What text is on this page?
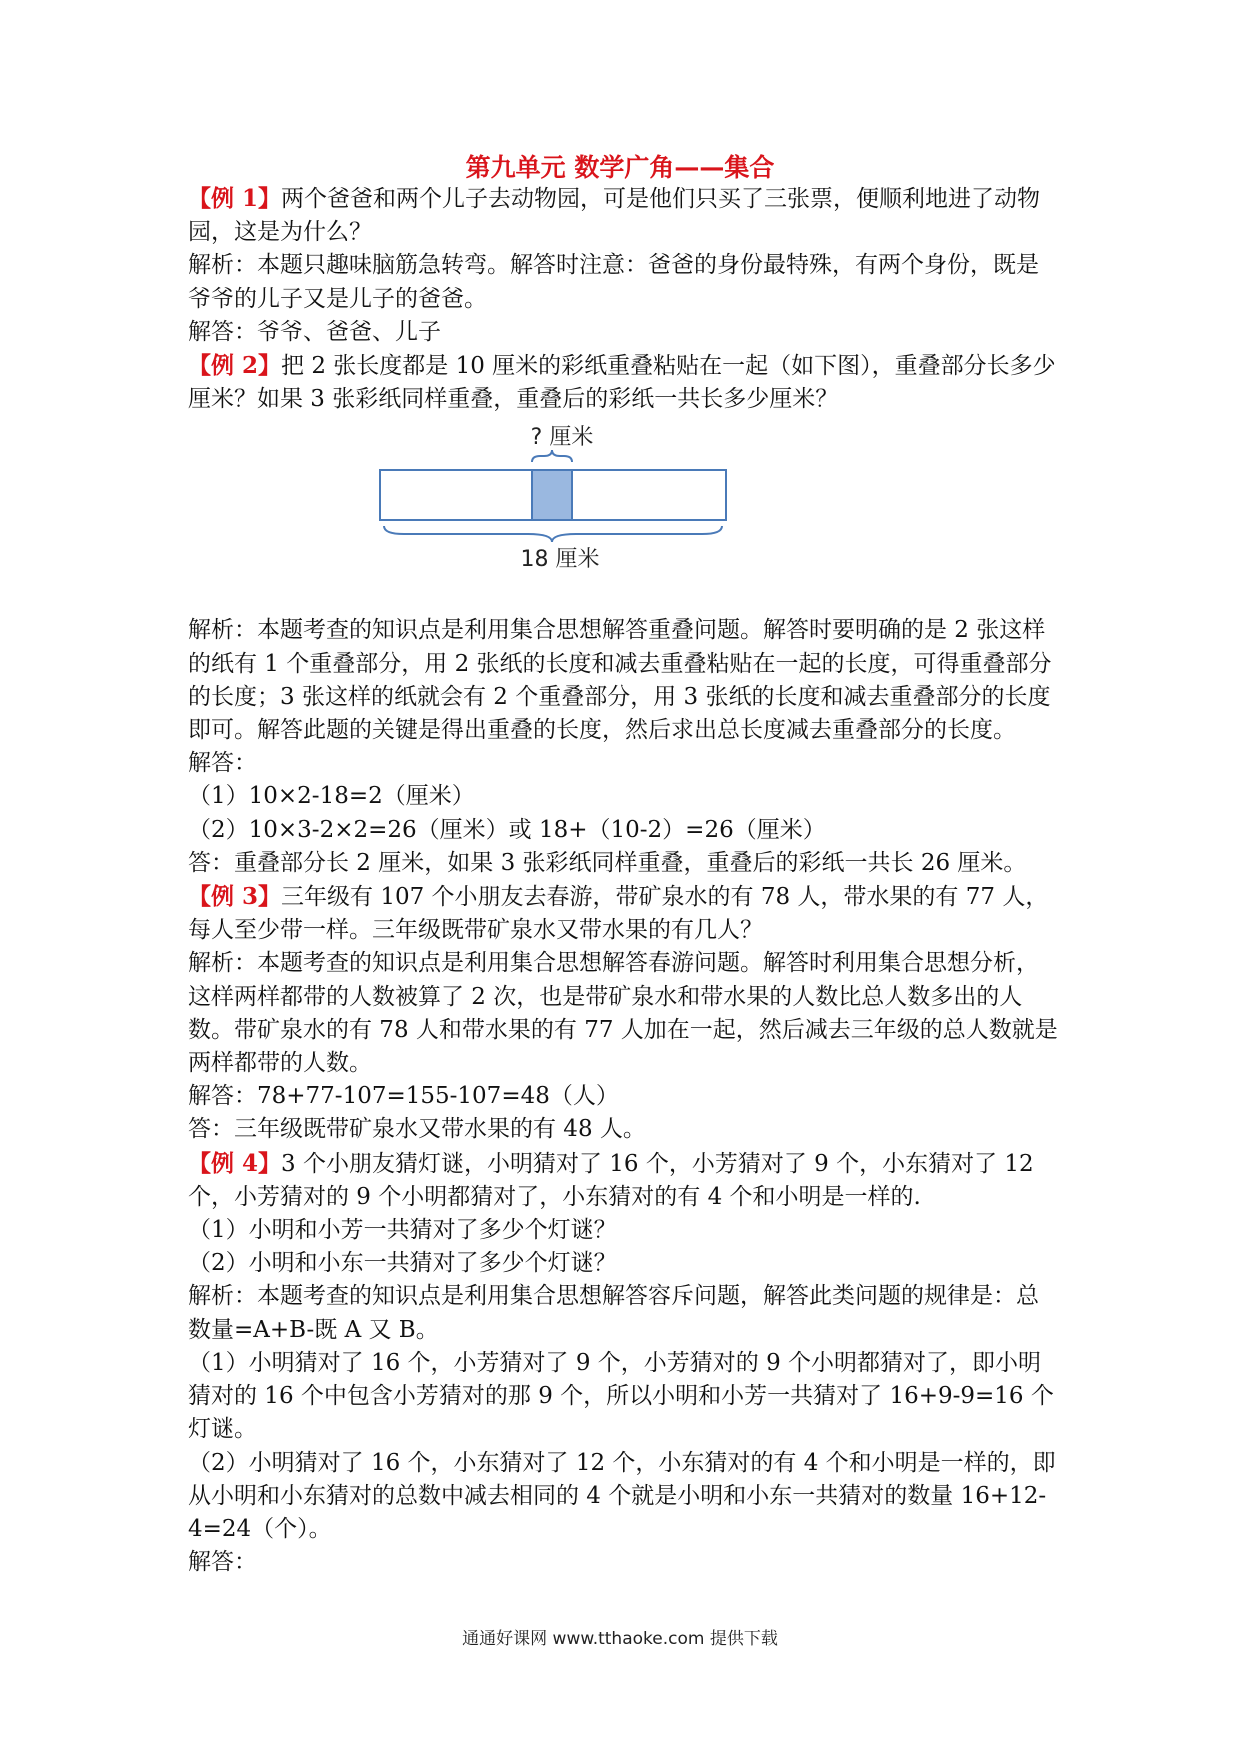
第九单元 数学广角——集合

【例 1】两个爸爸和两个儿子去动物园，可是他们只买了三张票，便顺利地进了动物园，这是为什么？

解析：本题只趣味脑筋急转弯。解答时注意：爸爸的身份最特殊，有两个身份，既是爷爷的儿子又是儿子的爸爸。

解答：爷爷、爸爸、儿子

【例 2】把 2 张长度都是 10 厘米的彩纸重叠粘贴在一起（如下图），重叠部分长多少厘米？如果 3 张彩纸同样重叠，重叠后的彩纸一共长多少厘米？

? 厘米
18 厘米

解析：本题考查的知识点是利用集合思想解答重叠问题。解答时要明确的是 2 张这样的纸有 1 个重叠部分，用 2 张纸的长度和减去重叠粘贴在一起的长度，可得重叠部分的长度；3 张这样的纸就会有 2 个重叠部分，用 3 张纸的长度和减去重叠部分的长度即可。解答此题的关键是得出重叠的长度，然后求出总长度减去重叠部分的长度。

解答：

（1）10×2-18=2（厘米）

（2）10×3-2×2=26（厘米）或 18+（10-2）=26（厘米）

答：重叠部分长 2 厘米，如果 3 张彩纸同样重叠，重叠后的彩纸一共长 26 厘米。

【例 3】三年级有 107 个小朋友去春游，带矿泉水的有 78 人，带水果的有 77 人，每人至少带一样。三年级既带矿泉水又带水果的有几人？

解析：本题考查的知识点是利用集合思想解答春游问题。解答时利用集合思想分析，这样两样都带的人数被算了 2 次，也是带矿泉水和带水果的人数比总人数多出的人数。带矿泉水的有 78 人和带水果的有 77 人加在一起，然后减去三年级的总人数就是两样都带的人数。

解答：78+77-107=155-107=48（人）

答：三年级既带矿泉水又带水果的有 48 人。

【例 4】3 个小朋友猜灯谜，小明猜对了 16 个，小芳猜对了 9 个，小东猜对了 12 个，小芳猜对的 9 个小明都猜对了，小东猜对的有 4 个和小明是一样的.

（1）小明和小芳一共猜对了多少个灯谜？

（2）小明和小东一共猜对了多少个灯谜？

解析：本题考查的知识点是利用集合思想解答容斥问题，解答此类问题的规律是：总数量=A+B-既 A 又 B。

（1）小明猜对了 16 个，小芳猜对了 9 个，小芳猜对的 9 个小明都猜对了，即小明猜对的 16 个中包含小芳猜对的那 9 个，所以小明和小芳一共猜对了 16+9-9=16 个灯谜。

（2）小明猜对了 16 个，小东猜对了 12 个，小东猜对的有 4 个和小明是一样的，即从小明和小东猜对的总数中减去相同的 4 个就是小明和小东一共猜对的数量 16+12-4=24（个）。

解答：

通通好课网 www.tthaoke.com 提供下载
